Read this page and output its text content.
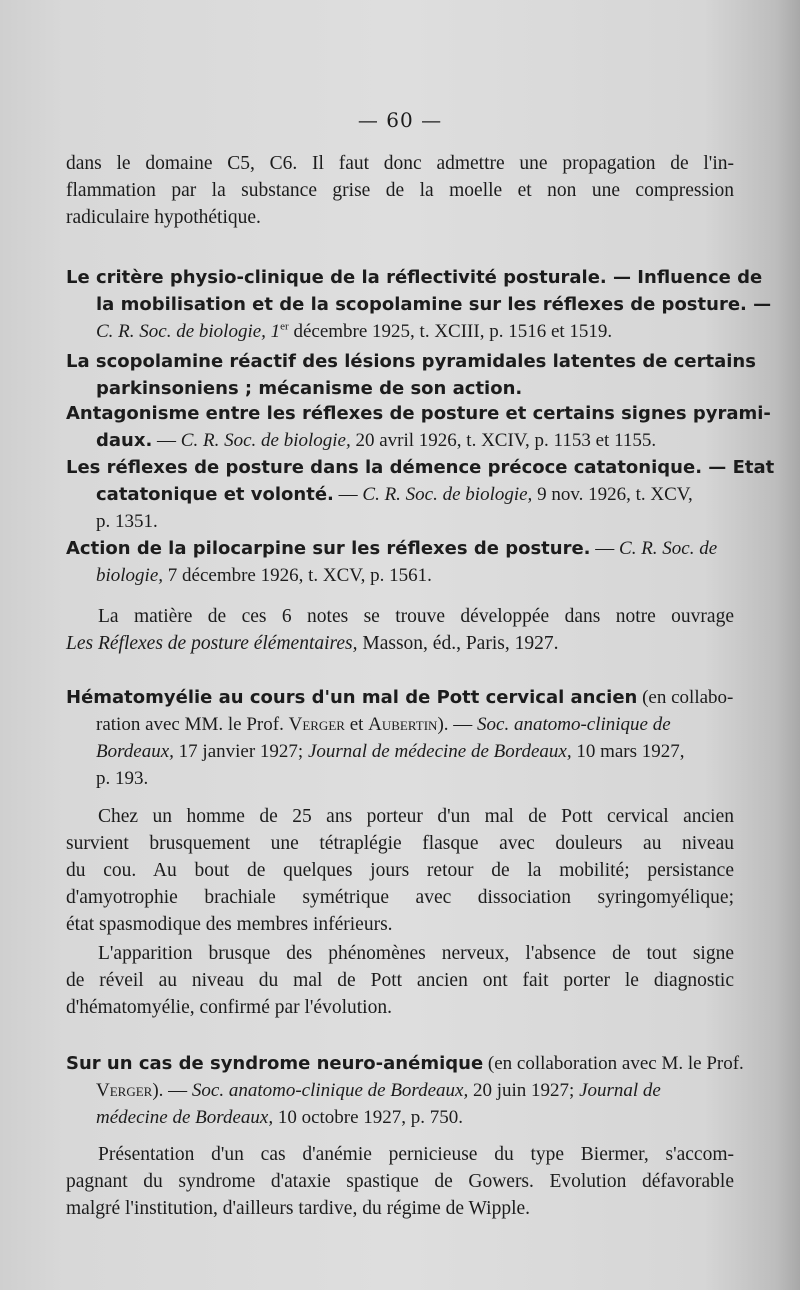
— 60 —
dans le domaine C5, C6. Il faut donc admettre une propagation de l'in-
flammation par la substance grise de la moelle et non une compression
radiculaire hypothétique.
Le critère physio-clinique de la réflectivité posturale. — Influence de
la mobilisation et de la scopolamine sur les réflexes de posture. —
C. R. Soc. de biologie, 1er décembre 1925, t. XCIII, p. 1516 et 1519.
La scopolamine réactif des lésions pyramidales latentes de certains
parkinsoniens ; mécanisme de son action.
Antagonisme entre les réflexes de posture et certains signes pyrami-
daux. — C. R. Soc. de biologie, 20 avril 1926, t. XCIV, p. 1153 et 1155.
Les réflexes de posture dans la démence précoce catatonique. — Etat
catatonique et volonté. — C. R. Soc. de biologie, 9 nov. 1926, t. XCV,
p. 1351.
Action de la pilocarpine sur les réflexes de posture. — C. R. Soc. de
biologie, 7 décembre 1926, t. XCV, p. 1561.
La matière de ces 6 notes se trouve développée dans notre ouvrage
Les Réflexes de posture élémentaires, Masson, éd., Paris, 1927.
Hématomyélie au cours d'un mal de Pott cervical ancien (en collabo-
ration avec MM. le Prof. Verger et Aubertin). — Soc. anatomo-clinique de
Bordeaux, 17 janvier 1927; Journal de médecine de Bordeaux, 10 mars 1927,
p. 193.
Chez un homme de 25 ans porteur d'un mal de Pott cervical ancien
survient brusquement une tétraplégie flasque avec douleurs au niveau
du cou. Au bout de quelques jours retour de la mobilité; persistance
d'amyotrophie brachiale symétrique avec dissociation syringomyélique;
état spasmodique des membres inférieurs.
L'apparition brusque des phénomènes nerveux, l'absence de tout signe
de réveil au niveau du mal de Pott ancien ont fait porter le diagnostic
d'hématomyélie, confirmé par l'évolution.
Sur un cas de syndrome neuro-anémique (en collaboration avec M. le Prof.
Verger). — Soc. anatomo-clinique de Bordeaux, 20 juin 1927; Journal de
médecine de Bordeaux, 10 octobre 1927, p. 750.
Présentation d'un cas d'anémie pernicieuse du type Biermer, s'accom-
pagnant du syndrome d'ataxie spastique de Gowers. Evolution défavorable
malgré l'institution, d'ailleurs tardive, du régime de Wipple.
